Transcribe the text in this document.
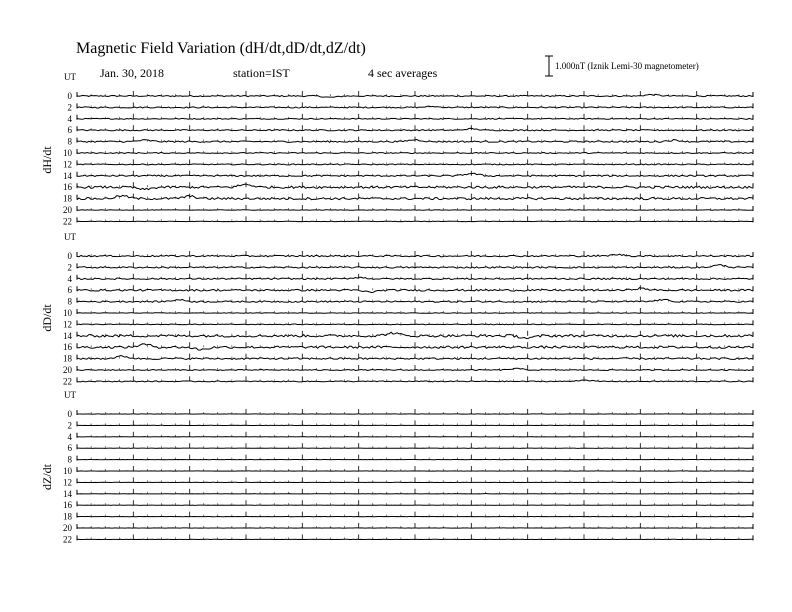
Magnetic Field Variation (dH/dt,dD/dt,dZ/dt)
Jan. 30, 2018	station=IST	4 sec averages	1.000nT (Iznik Lemi-30 magnetometer)
UT
dH/dt
0
2
4
6
8
10
12
14
16
18
20
22
UT
dD/dt
0
2
4
6
8
10
12
14
16
18
20
22
UT
dZ/dt
0
2
4
6
8
10
12
14
16
18
20
22
